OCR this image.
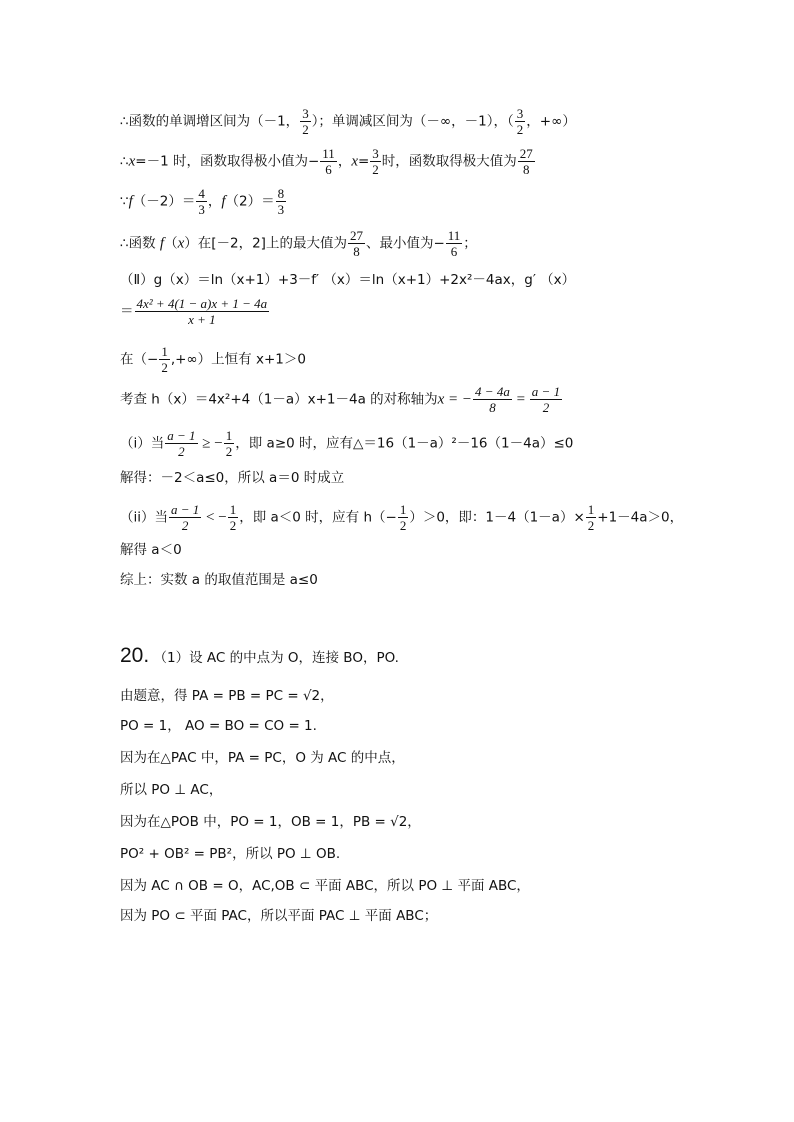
∴函数的单调增区间为（－1， $\frac{3}{2}$ ）；单调减区间为（－∞，－1），（ $\frac{3}{2}$ ，+∞）
∴x=－1 时，函数取得极小值为− $\frac{11}{6}$ ，$x= \frac{3}{2}$ 时，函数取得极大值为 $\frac{27}{8}$
∵f（－2）＝ $\frac{4}{3}$ ，$f(2)= \frac{8}{3}$
∴函数 f（x）在[－2，2]上的最大值为 $\frac{27}{8}$ 、最小值为− $\frac{11}{6}$ ；
（Ⅱ）g（x）＝ln（x+1）+3－f′ （x）＝ln（x+1）+2x²－4ax，g′ （x）
＝ $\frac{\text{4x² + 4(1 − a)x + 1 − 4a}}{x + 1}$
在（− $\frac{1}{2}$ ,+∞）上恒有 x+1＞0
考查 h（x）＝4x²+4（1－a）x+1－4a 的对称轴为x = − $\frac{4 - 4a}{8} = \frac{a - 1}{2}$
（i）当 $\frac{a - 1}{2}$ ≥ − $\frac{1}{2}$ ，即 a≥0 时，应有△＝16（1－a）²－16（1－4a）≤0
解得：－2＜a≤0，所以 a＝0 时成立
（ii）当 $\frac{a - 1}{2}$ < − $\frac{1}{2}$ ，即 a＜0 时，应有 $h(- \frac{1}{2} )>0$，即：$1-4(1-a)\times \frac{1}{2} +1-4a>0$，
解得 a＜0
综上：实数 a 的取值范围是 a≤0
20. （1）设 AC 的中点为 O，连接 BO，PO.
由题意，得 PA = PB = PC = √2，
PO = 1， AO = BO = CO = 1.
因为在△PAC 中，PA = PC，O 为 AC 的中点，
所以 PO ⊥ AC，
因为在△POB 中，PO = 1，OB = 1，PB = √2，
PO² + OB² = PB²，所以 PO ⊥ OB.
因为 AC ∩ OB = O，AC,OB ⊂ 平面 ABC，所以 PO ⊥ 平面 ABC，
因为 PO ⊂ 平面 PAC，所以平面 PAC ⊥ 平面 ABC；
